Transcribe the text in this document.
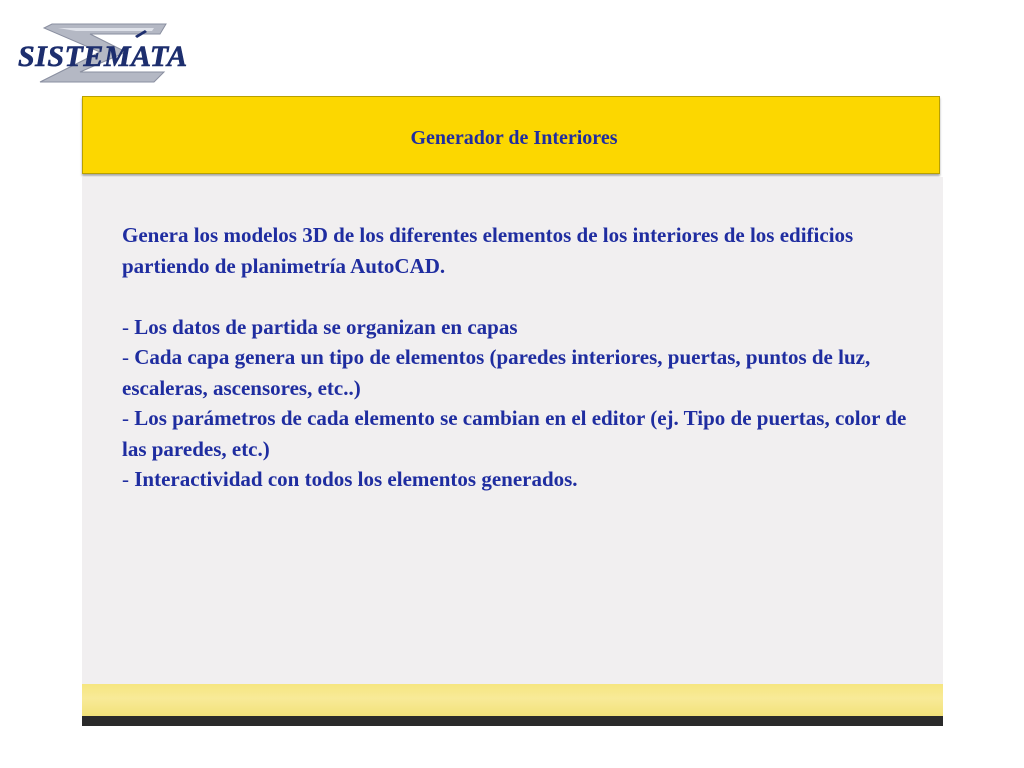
SISTEMATA
Generador de Interiores

Genera los modelos 3D de los diferentes elementos de los interiores de los edificios partiendo de planimetría AutoCAD.

- Los datos de partida se organizan en capas

- Cada capa genera un tipo de elementos (paredes interiores, puertas, puntos de luz, escaleras, ascensores, etc..)

- Los parámetros de cada elemento se cambian en el editor (ej. Tipo de puertas, color de las paredes, etc.)

- Interactividad con todos los elementos generados.
